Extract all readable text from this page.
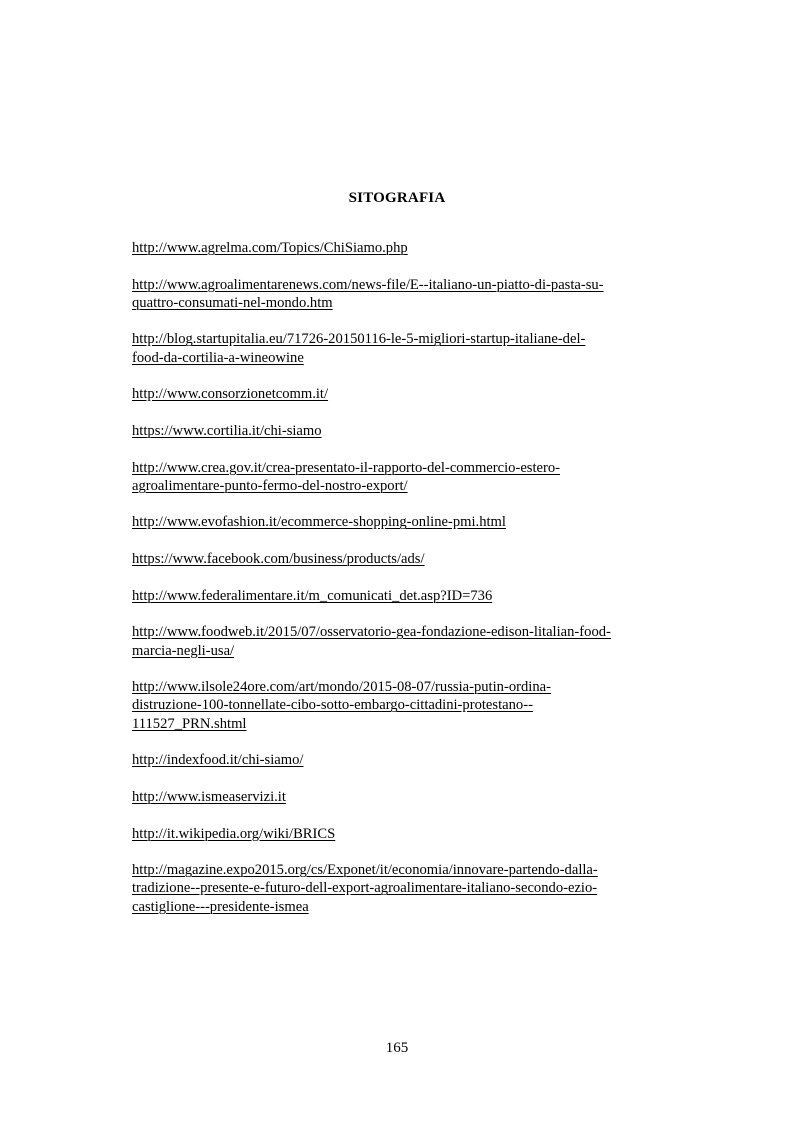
SITOGRAFIA
http://www.agrelma.com/Topics/ChiSiamo.php
http://www.agroalimentarenews.com/news-file/E--italiano-un-piatto-di-pasta-su-
quattro-consumati-nel-mondo.htm
http://blog.startupitalia.eu/71726-20150116-le-5-migliori-startup-italiane-del-
food-da-cortilia-a-wineowine
http://www.consorzionetcomm.it/
https://www.cortilia.it/chi-siamo
http://www.crea.gov.it/crea-presentato-il-rapporto-del-commercio-estero-
agroalimentare-punto-fermo-del-nostro-export/
http://www.evofashion.it/ecommerce-shopping-online-pmi.html
https://www.facebook.com/business/products/ads/
http://www.federalimentare.it/m_comunicati_det.asp?ID=736
http://www.foodweb.it/2015/07/osservatorio-gea-fondazione-edison-litalian-food-
marcia-negli-usa/
http://www.ilsole24ore.com/art/mondo/2015-08-07/russia-putin-ordina-
distruzione-100-tonnellate-cibo-sotto-embargo-cittadini-protestano--
111527_PRN.shtml
http://indexfood.it/chi-siamo/
http://www.ismeaservizi.it
http://it.wikipedia.org/wiki/BRICS
http://magazine.expo2015.org/cs/Exponet/it/economia/innovare-partendo-dalla-
tradizione--presente-e-futuro-dell-export-agroalimentare-italiano-secondo-ezio-
castiglione---presidente-ismea
165
